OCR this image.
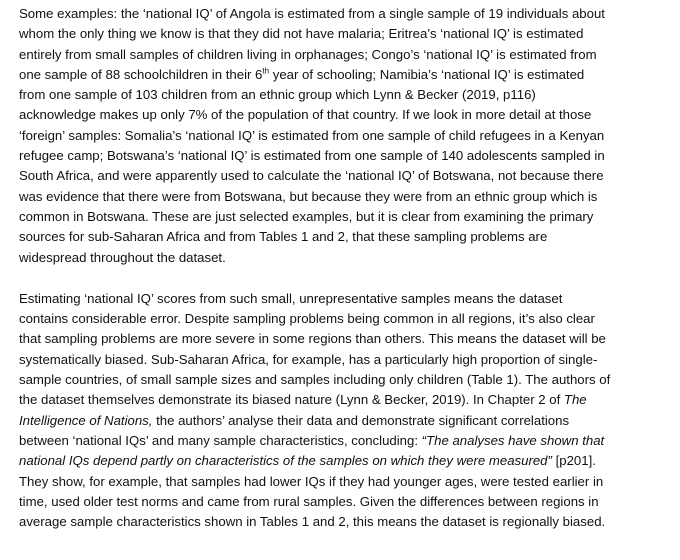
Some examples: the ‘national IQ’ of Angola is estimated from a single sample of 19 individuals about
whom the only thing we know is that they did not have malaria; Eritrea’s ‘national IQ’ is estimated
entirely from small samples of children living in orphanages; Congo’s ‘national IQ’ is estimated from
one sample of 88 schoolchildren in their 6th year of schooling; Namibia’s ‘national IQ’ is estimated
from one sample of 103 children from an ethnic group which Lynn & Becker (2019, p116)
acknowledge makes up only 7% of the population of that country. If we look in more detail at those
‘foreign’ samples: Somalia’s ‘national IQ’ is estimated from one sample of child refugees in a Kenyan
refugee camp; Botswana’s ‘national IQ’ is estimated from one sample of 140 adolescents sampled in
South Africa, and were apparently used to calculate the ‘national IQ’ of Botswana, not because there
was evidence that there were from Botswana, but because they were from an ethnic group which is
common in Botswana. These are just selected examples, but it is clear from examining the primary
sources for sub-Saharan Africa and from Tables 1 and 2, that these sampling problems are
widespread throughout the dataset.

Estimating ‘national IQ’ scores from such small, unrepresentative samples means the dataset
contains considerable error. Despite sampling problems being common in all regions, it’s also clear
that sampling problems are more severe in some regions than others. This means the dataset will be
systematically biased. Sub-Saharan Africa, for example, has a particularly high proportion of single-
sample countries, of small sample sizes and samples including only children (Table 1). The authors of
the dataset themselves demonstrate its biased nature (Lynn & Becker, 2019). In Chapter 2 of The
Intelligence of Nations, the authors’ analyse their data and demonstrate significant correlations
between ‘national IQs’ and many sample characteristics, concluding: “The analyses have shown that
national IQs depend partly on characteristics of the samples on which they were measured” [p201].
They show, for example, that samples had lower IQs if they had younger ages, were tested earlier in
time, used older test norms and came from rural samples. Given the differences between regions in
average sample characteristics shown in Tables 1 and 2, this means the dataset is regionally biased.
